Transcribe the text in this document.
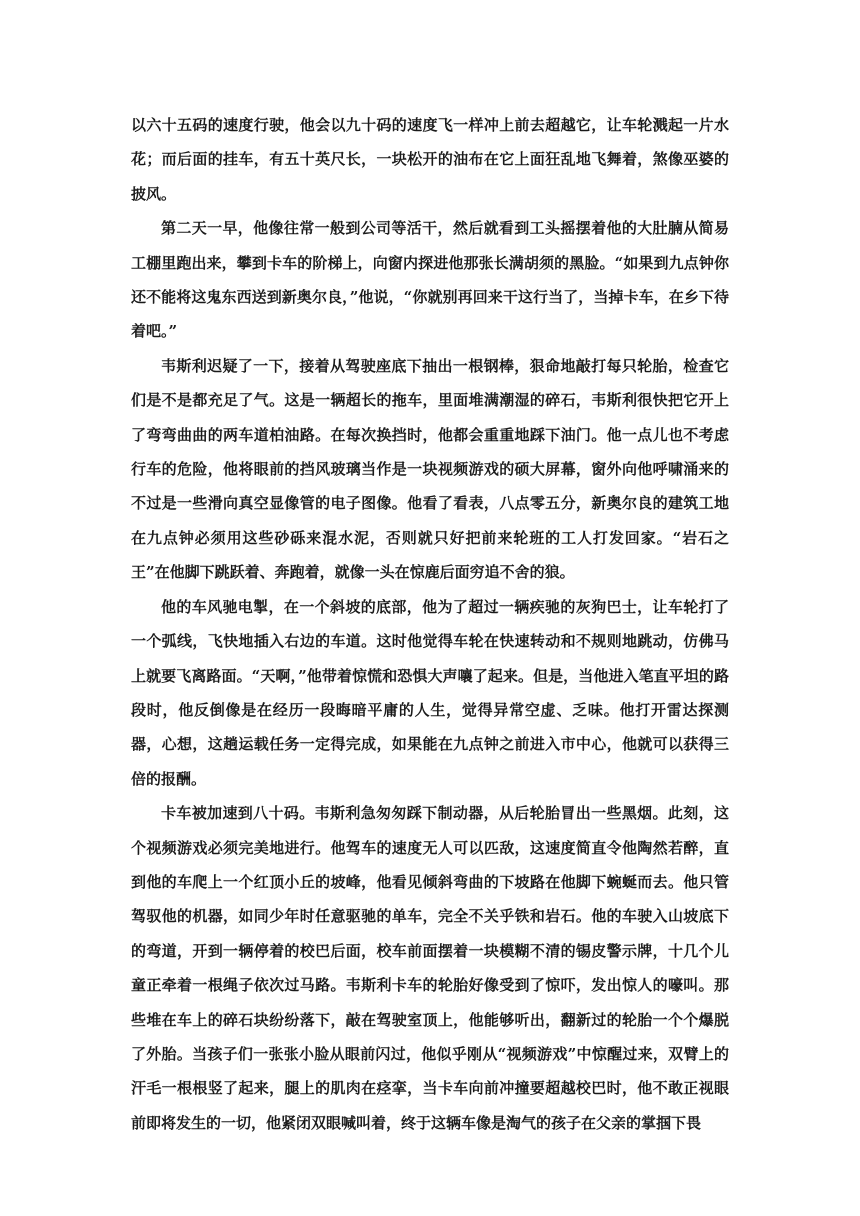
以六十五码的速度行驶，他会以九十码的速度飞一样冲上前去超越它，让车轮溅起一片水花；而后面的挂车，有五十英尺长，一块松开的油布在它上面狂乱地飞舞着，煞像巫婆的披风。

第二天一早，他像往常一般到公司等活干，然后就看到工头摇摆着他的大肚腩从简易工棚里跑出来，攀到卡车的阶梯上，向窗内探进他那张长满胡须的黑脸。“如果到九点钟你还不能将这鬼东西送到新奥尔良，”他说，“你就别再回来干这行当了，当掉卡车，在乡下待着吧。”

韦斯利迟疑了一下，接着从驾驶座底下抽出一根钢棒，狠命地敲打每只轮胎，检查它们是不是都充足了气。这是一辆超长的拖车，里面堆满潮湿的碎石，韦斯利很快把它开上了弯弯曲曲的两车道柏油路。在每次换挡时，他都会重重地踩下油门。他一点儿也不考虑行车的危险，他将眼前的挡风玻璃当作是一块视频游戏的硕大屏幕，窗外向他呼啸涌来的不过是一些滑向真空显像管的电子图像。他看了看表，八点零五分，新奥尔良的建筑工地在九点钟必须用这些砂砾来混水泥，否则就只好把前来轮班的工人打发回家。“岩石之王”在他脚下跳跃着、奔跑着，就像一头在惊鹿后面穷追不舍的狼。

他的车风驰电掣，在一个斜坡的底部，他为了超过一辆疾驰的灰狗巴士，让车轮打了一个弧线，飞快地插入右边的车道。这时他觉得车轮在快速转动和不规则地跳动，仿佛马上就要飞离路面。“天啊，”他带着惊慌和恐惧大声嚷了起来。但是，当他进入笔直平坦的路段时，他反倒像是在经历一段晦暗平庸的人生，觉得异常空虚、乏味。他打开雷达探测器，心想，这趟运载任务一定得完成，如果能在九点钟之前进入市中心，他就可以获得三倍的报酬。

卡车被加速到八十码。韦斯利急匆匆踩下制动器，从后轮胎冒出一些黑烟。此刻，这个视频游戏必须完美地进行。他驾车的速度无人可以匹敌，这速度简直令他陶然若醉，直到他的车爬上一个红顶小丘的坡峰，他看见倾斜弯曲的下坡路在他脚下蜿蜒而去。他只管驾驭他的机器，如同少年时任意驱驰的单车，完全不关乎铁和岩石。他的车驶入山坡底下的弯道，开到一辆停着的校巴后面，校车前面摆着一块模糊不清的锡皮警示牌，十几个儿童正牵着一根绳子依次过马路。韦斯利卡车的轮胎好像受到了惊吓，发出惊人的嚎叫。那些堆在车上的碎石块纷纷落下，敲在驾驶室顶上，他能够听出，翻新过的轮胎一个个爆脱了外胎。当孩子们一张张小脸从眼前闪过，他似乎刚从“视频游戏”中惊醒过来，双臂上的汗毛一根根竖了起来，腿上的肌肉在痉挛，当卡车向前冲撞要超越校巴时，他不敢正视眼前即将发生的一切，他紧闭双眼喊叫着，终于这辆车像是淘气的孩子在父亲的掌掴下畏
